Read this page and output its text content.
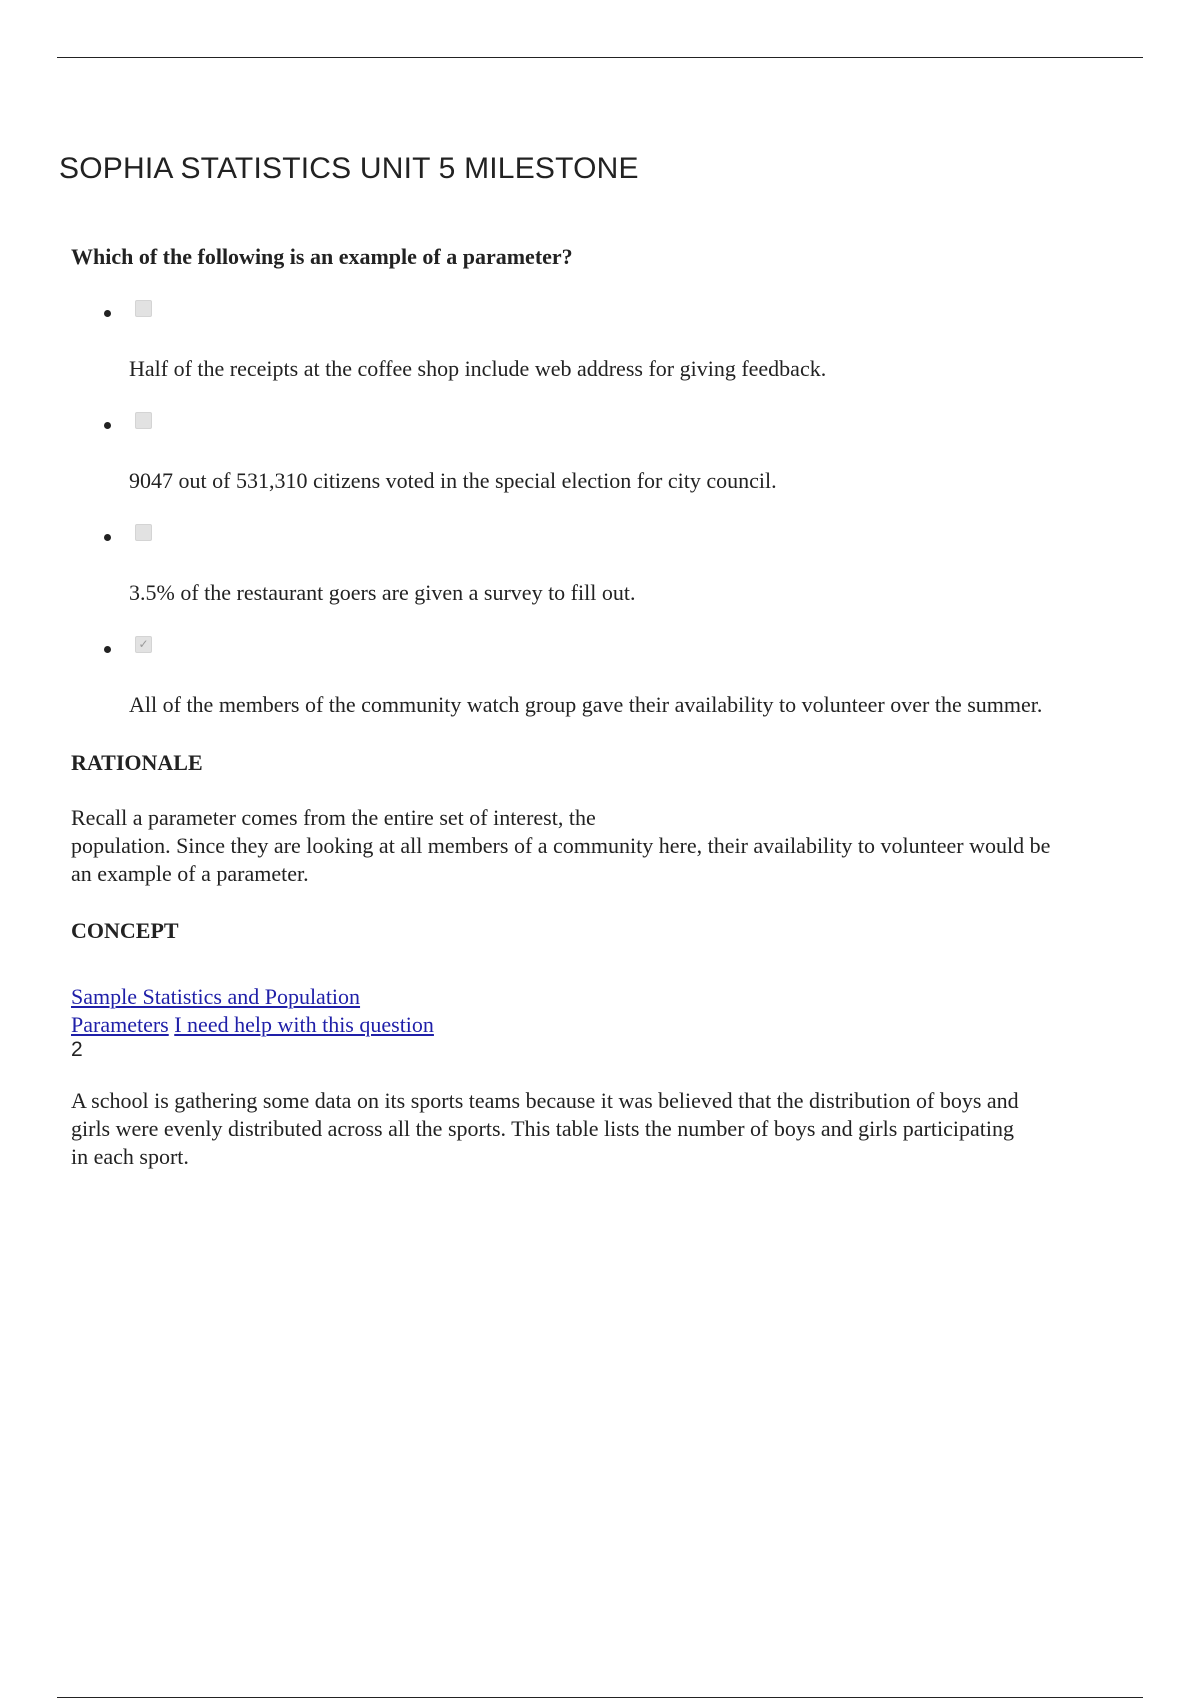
SOPHIA STATISTICS UNIT 5 MILESTONE

Which of the following is an example of a parameter?

Half of the receipts at the coffee shop include web address for giving feedback.
9047 out of 531,310 citizens voted in the special election for city council.
3.5% of the restaurant goers are given a survey to fill out.
✓
All of the members of the community watch group gave their availability to volunteer over the summer.
RATIONALE

Recall a parameter comes from the entire set of interest, the
population. Since they are looking at all members of a community here, their availability to volunteer would be
an example of a parameter.

CONCEPT
Sample Statistics and Population
Parameters I need help with this question
2

A school is gathering some data on its sports teams because it was believed that the distribution of boys and
girls were evenly distributed across all the sports. This table lists the number of boys and girls participating
in each sport.
